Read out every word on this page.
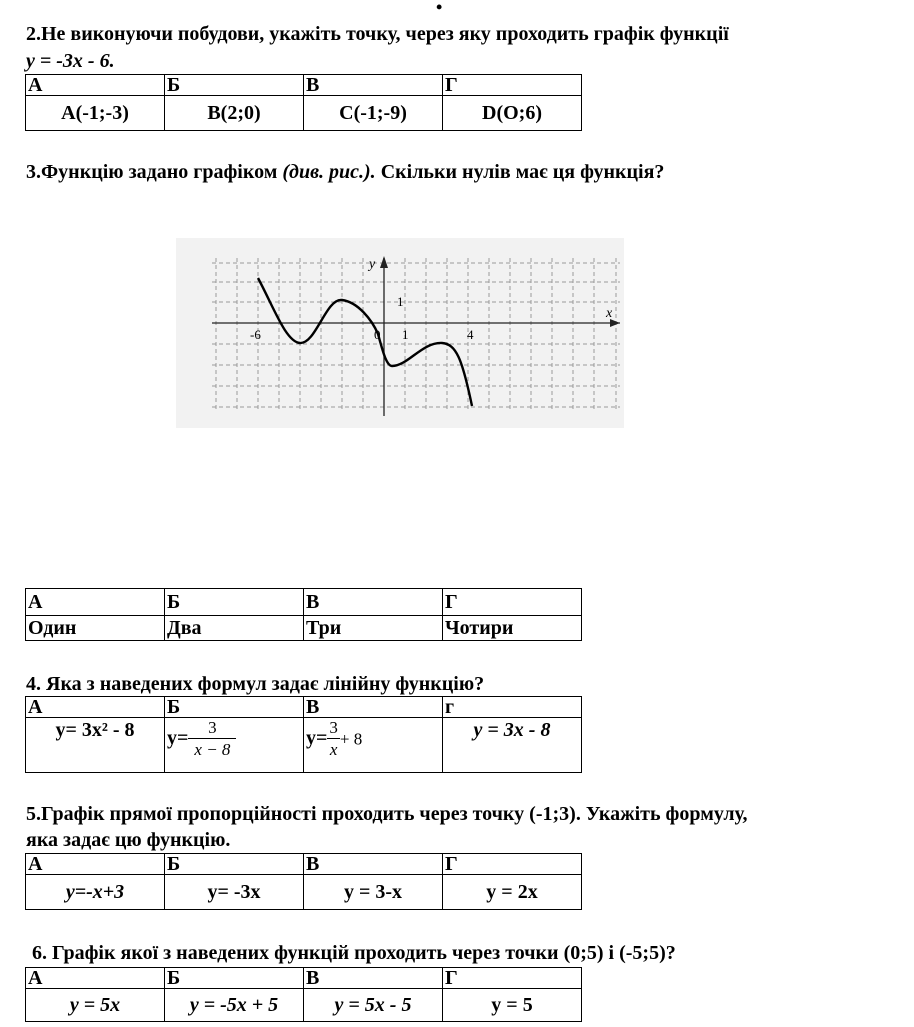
•

2.Не виконуючи побудови, укажіть точку, через яку проходить графік функції

у = -3х - 6.

А	Б	В	Г
A(-1;-3)	B(2;0)	C(-1;-9)	D(O;6)

3.Функцію задано графіком (див. рис.). Скільки нулів має ця функція?

y
x
-6	0 1	4
1
А	Б	В	Г
Один	Два	Три	Чотири

4. Яка з наведених формул задає лінійну функцію?

А	Б	В	г
y= 3x² - 8	$y= \frac{3}{x - 8}$	$y= \frac{3}{x} + 8$	y = 3x - 8

5.Графік прямої пропорційності проходить через точку (-1;3). Укажіть формулу,

яка задає цю функцію.

А	Б	В	Г
у=-х+3	у= -3х	у = 3-х	у = 2х

6. Графік якої з наведених функцій проходить через точки (0;5) і (-5;5)?

А	Б	В	Г
у = 5х	у = -5х + 5	у = 5х - 5	у = 5
